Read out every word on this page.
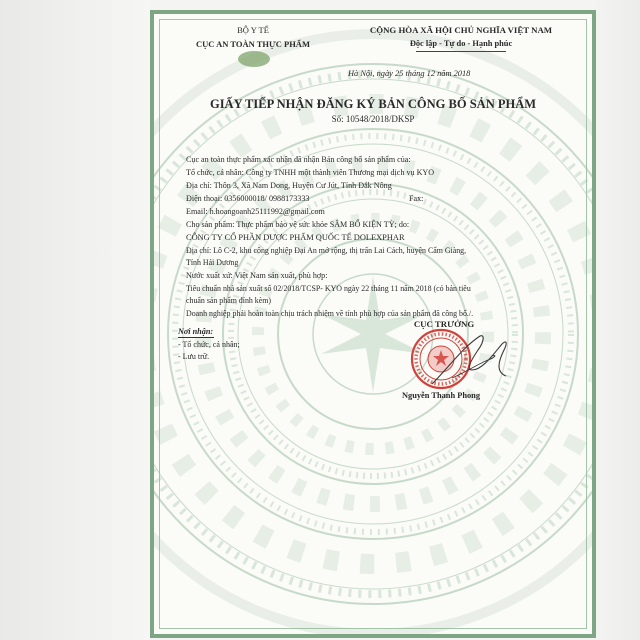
BỘ Y TẾ
CỤC AN TOÀN THỰC PHẨM
CỘNG HÒA XÃ HỘI CHỦ NGHĨA VIỆT NAM
Độc lập - Tự do - Hạnh phúc
Hà Nội, ngày 25 tháng 12 năm 2018
GIẤY TIẾP NHẬN ĐĂNG KÝ BẢN CÔNG BỐ SẢN PHẨM
Số: 10548/2018/DKSP
Cục an toàn thực phẩm xác nhận đã nhận Bản công bố sản phẩm của:
Tổ chức, cá nhân: Công ty TNHH một thành viên Thương mại dịch vụ KYO
Địa chỉ: Thôn 3, Xã Nam Dong, Huyện Cư Jút, Tỉnh Đắk Nông
Điện thoại: 0356000018/ 0988173333	Fax:
Email: h.hoangoanh25111992@gmail.com
Cho sản phẩm: Thực phẩm bảo vệ sức khỏe SÂM BỔ KIỆN TỲ; do:
CÔNG TY CỔ PHẦN DƯỢC PHẨM QUỐC TẾ DOLEXPHAR
Địa chỉ: Lô C-2, khu công nghiệp Đại An mở rộng, thị trấn Lai Cách, huyện Cẩm Giàng,
Tỉnh Hải Dương
Nước xuất xứ: Việt Nam sản xuất, phù hợp:
Tiêu chuẩn nhà sản xuất số 02/2018/TCSP- KYO ngày 22 tháng 11 năm 2018 (có bản tiêu
chuẩn sản phẩm đính kèm)
Doanh nghiệp phải hoàn toàn chịu trách nhiệm về tính phù hợp của sản phẩm đã công bố./.
Nơi nhận:
- Tổ chức, cá nhân;
- Lưu trữ.
CỤC TRƯỞNG
Nguyễn Thanh Phong
